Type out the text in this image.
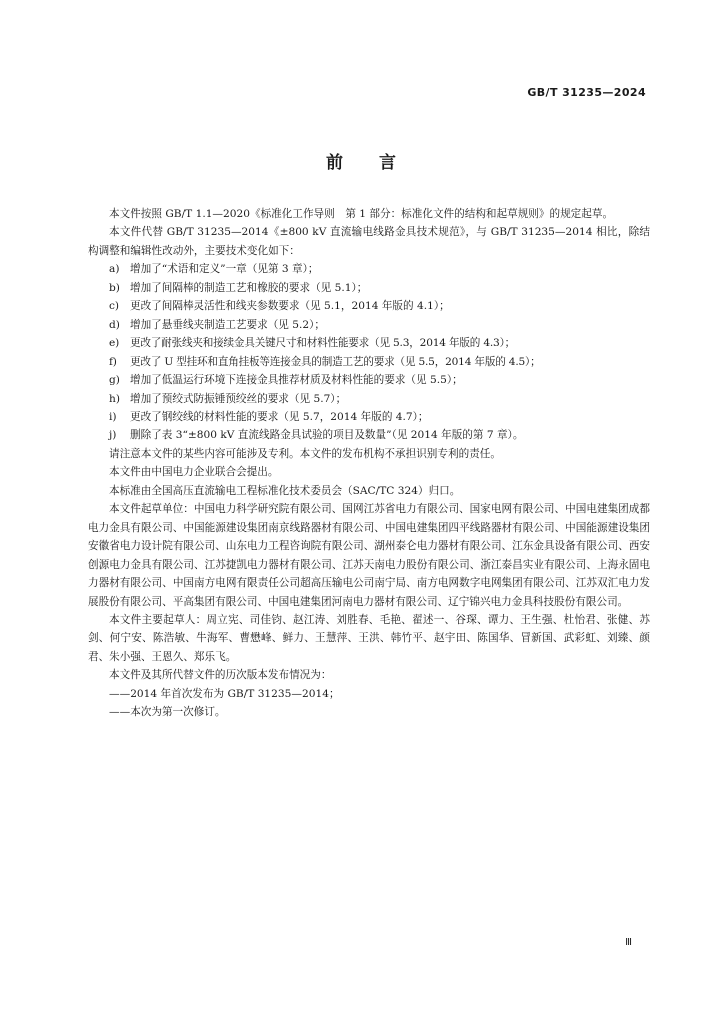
GB/T 31235—2024
前 言

本文件按照 GB/T 1.1—2020《标准化工作导则　第 1 部分：标准化文件的结构和起草规则》的规定起草。

本文件代替 GB/T 31235—2014《±800 kV 直流输电线路金具技术规范》，与 GB/T 31235—2014 相比，除结构调整和编辑性改动外，主要技术变化如下：

a) 增加了“术语和定义”一章（见第 3 章）；
b) 增加了间隔棒的制造工艺和橡胶的要求（见 5.1）；
c) 更改了间隔棒灵活性和线夹参数要求（见 5.1，2014 年版的 4.1）；
d) 增加了悬垂线夹制造工艺要求（见 5.2）；
e) 更改了耐张线夹和接续金具关键尺寸和材料性能要求（见 5.3，2014 年版的 4.3）；
f) 更改了 U 型挂环和直角挂板等连接金具的制造工艺的要求（见 5.5，2014 年版的 4.5）；
g) 增加了低温运行环境下连接金具推荐材质及材料性能的要求（见 5.5）；
h) 增加了预绞式防振锤预绞丝的要求（见 5.7）；
i) 更改了钢绞线的材料性能的要求（见 5.7，2014 年版的 4.7）；
j) 删除了表 3“±800 kV 直流线路金具试验的项目及数量”（见 2014 年版的第 7 章）。

请注意本文件的某些内容可能涉及专利。本文件的发布机构不承担识别专利的责任。

本文件由中国电力企业联合会提出。

本标准由全国高压直流输电工程标准化技术委员会（SAC/TC 324）归口。

本文件起草单位：中国电力科学研究院有限公司、国网江苏省电力有限公司、国家电网有限公司、中国电建集团成都电力金具有限公司、中国能源建设集团南京线路器材有限公司、中国电建集团四平线路器材有限公司、中国能源建设集团安徽省电力设计院有限公司、山东电力工程咨询院有限公司、湖州泰仑电力器材有限公司、江东金具设备有限公司、西安创源电力金具有限公司、江苏捷凯电力器材有限公司、江苏天南电力股份有限公司、浙江泰昌实业有限公司、上海永固电力器材有限公司、中国南方电网有限责任公司超高压输电公司南宁局、南方电网数字电网集团有限公司、江苏双汇电力发展股份有限公司、平高集团有限公司、中国电建集团河南电力器材有限公司、辽宁锦兴电力金具科技股份有限公司。

本文件主要起草人：周立宪、司佳钧、赵江涛、刘胜春、毛艳、翟述一、谷琛、谭力、王生强、杜怡君、张健、苏剑、何宁安、陈浩敏、牛海军、曹懋峰、鲜力、王慧萍、王洪、韩竹平、赵宇田、陈国华、冒新国、武彩虹、刘臻、颜君、朱小强、王恩久、郑乐飞。

本文件及其所代替文件的历次版本发布情况为：

——2014 年首次发布为 GB/T 31235—2014；

——本次为第一次修订。

Ⅲ
